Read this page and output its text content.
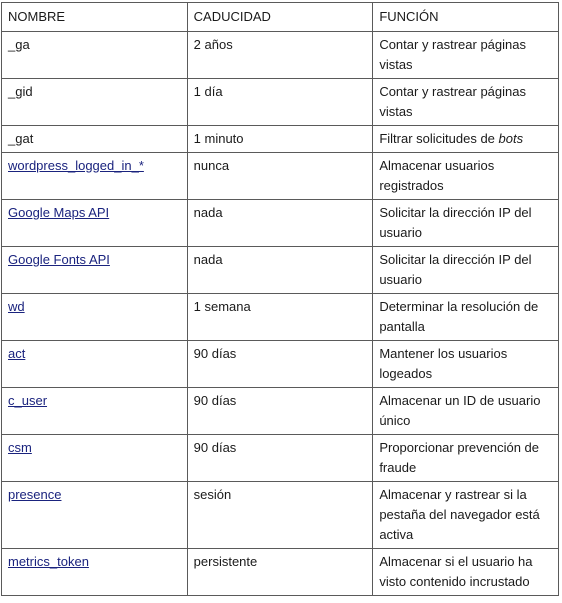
NOMBRE	CADUCIDAD	FUNCIÓN
_ga	2 años	Contar y rastrear páginas vistas
_gid	1 día	Contar y rastrear páginas vistas
_gat	1 minuto	Filtrar solicitudes de bots
wordpress_logged_in_*	nunca	Almacenar usuarios registrados
Google Maps API	nada	Solicitar la dirección IP del usuario
Google Fonts API	nada	Solicitar la dirección IP del usuario
wd	1 semana	Determinar la resolución de pantalla
act	90 días	Mantener los usuarios logeados
c_user	90 días	Almacenar un ID de usuario único
csm	90 días	Proporcionar prevención de fraude
presence	sesión	Almacenar y rastrear si la pestaña del navegador está activa
metrics_token	persistente	Almacenar si el usuario ha visto contenido incrustado
